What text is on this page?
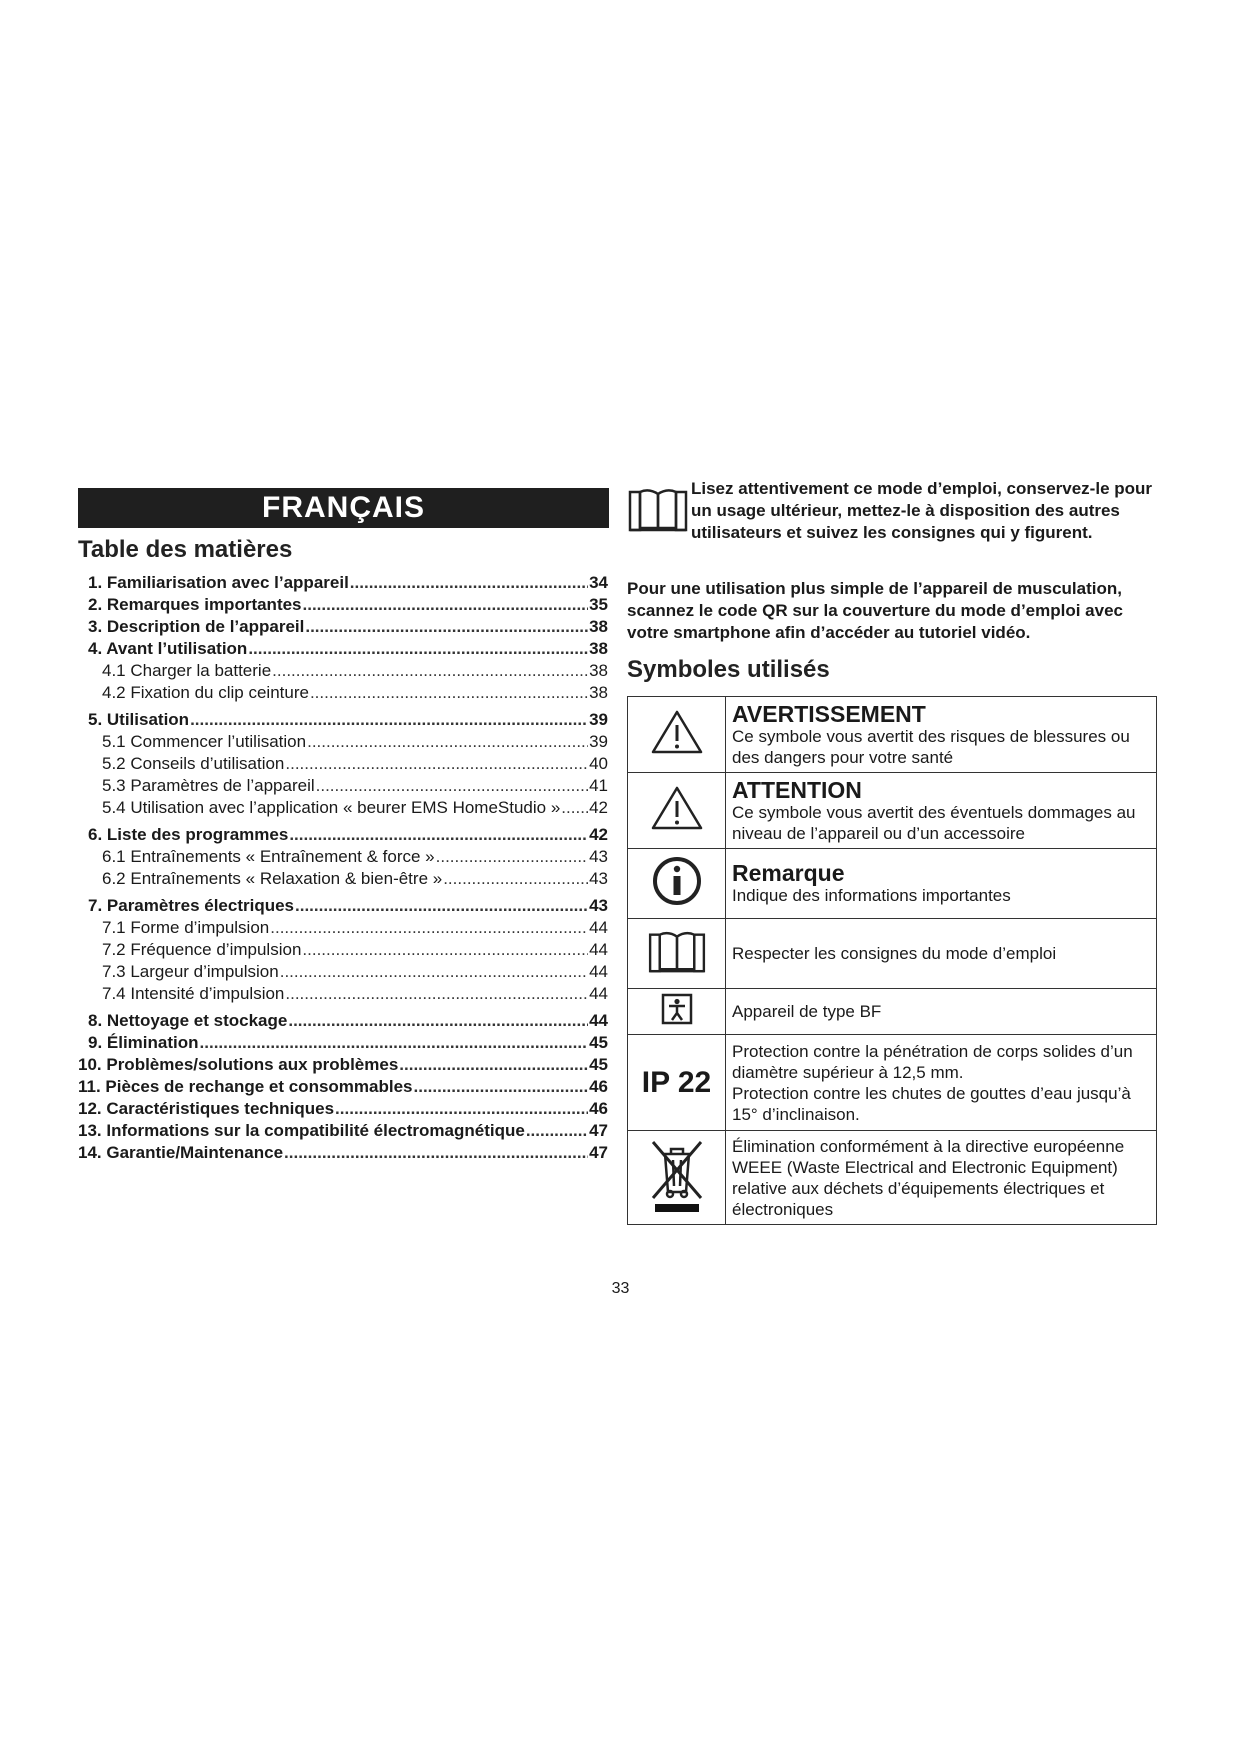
FRANÇAIS
Table des matières
1. Familiarisation avec l’appareil .....	34
2. Remarques importantes .....	35
3. Description de l’appareil .....	38
4. Avant l’utilisation .....	38
4.1 Charger la batterie .....	38
4.2 Fixation du clip ceinture .....	38
5. Utilisation .....	39
5.1 Commencer l’utilisation .....	39
5.2 Conseils d’utilisation .....	40
5.3 Paramètres de l’appareil .....	41
5.4 Utilisation avec l’application « beurer EMS HomeStudio » ..... 42
6. Liste des programmes .....	42
6.1 Entraînements « Entraînement & force » .....	43
6.2 Entraînements « Relaxation & bien-être » .....	43
7. Paramètres électriques .....	43
7.1 Forme d’impulsion .....	44
7.2 Fréquence d’impulsion .....	44
7.3 Largeur d’impulsion .....	44
7.4 Intensité d’impulsion .....	44
8. Nettoyage et stockage .....	44
9. Élimination .....	45
10. Problèmes/solutions aux problèmes .....	45
11. Pièces de rechange et consommables .....	46
12. Caractéristiques techniques .....	46
13. Informations sur la compatibilité électromagnétique .....	47
14. Garantie/Maintenance .....	47
Lisez attentivement ce mode d’emploi, conservez-le pour un usage ultérieur, mettez-le à disposition des autres utilisateurs et suivez les consignes qui y figurent.
Pour une utilisation plus simple de l’appareil de musculation, scannez le code QR sur la couverture du mode d’emploi avec votre smartphone afin d’accéder au tutoriel vidéo.
Symboles utilisés

AVERTISSEMENT
Ce symbole vous avertit des risques de blessures ou des dangers pour votre santé

ATTENTION
Ce symbole vous avertit des éventuels dommages au niveau de l’appareil ou d’un accessoire

Remarque
Indique des informations importantes

Respecter les consignes du mode d’emploi

Appareil de type BF

IP 22	Protection contre la pénétration de corps solides d’un diamètre supérieur à 12,5 mm.
Protection contre les chutes de gouttes d’eau jusqu’à 15° d’inclinaison.

Élimination conformément à la directive européenne WEEE (Waste Electrical and Electronic Equipment) relative aux déchets d’équipements électriques et électroniques
33
